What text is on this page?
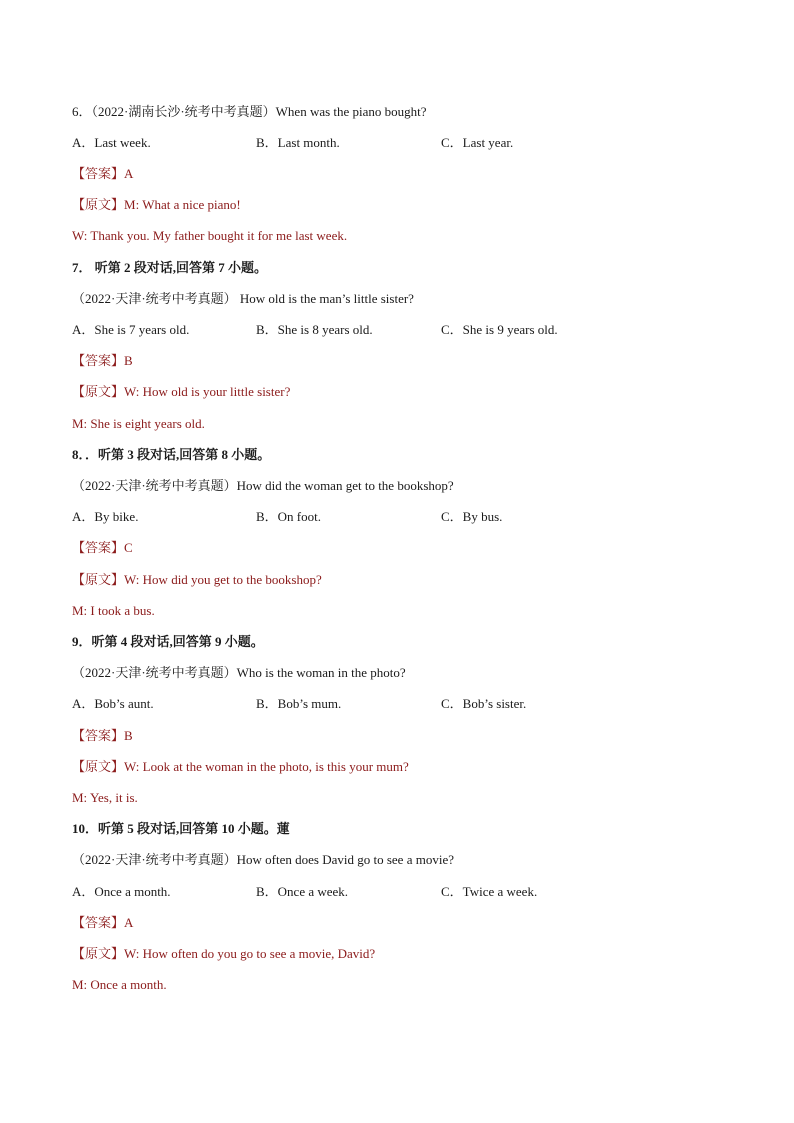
6．（2022·湖南长沙·统考中考真题）When was the piano bought?
A．Last week.	B．Last month.	C．Last year.
【答案】A
【原文】M: What a nice piano!
W: Thank you. My father bought it for me last week.
7． 听第 2 段对话,回答第 7 小题。
（2022·天津·统考中考真题） How old is the man’s little sister?
A．She is 7 years old.	B．She is 8 years old.	C．She is 9 years old.
【答案】B
【原文】W: How old is your little sister?
M: She is eight years old.
8．．听第 3 段对话,回答第 8 小题。
（2022·天津·统考中考真题）How did the woman get to the bookshop?
A．By bike.	B．On foot.	C．By bus.
【答案】C
【原文】W: How did you get to the bookshop?
M: I took a bus.
9．听第 4 段对话,回答第 9 小题。
（2022·天津·统考中考真题）Who is the woman in the photo?
A．Bob’s aunt.	B．Bob’s mum.	C．Bob’s sister.
【答案】B
【原文】W: Look at the woman in the photo, is this your mum?
M: Yes, it is.
10．听第 5 段对话,回答第 10 小题。蓮
（2022·天津·统考中考真题）How often does David go to see a movie?
A．Once a month.	B．Once a week.	C．Twice a week.
【答案】A
【原文】W: How often do you go to see a movie, David?
M: Once a month.
